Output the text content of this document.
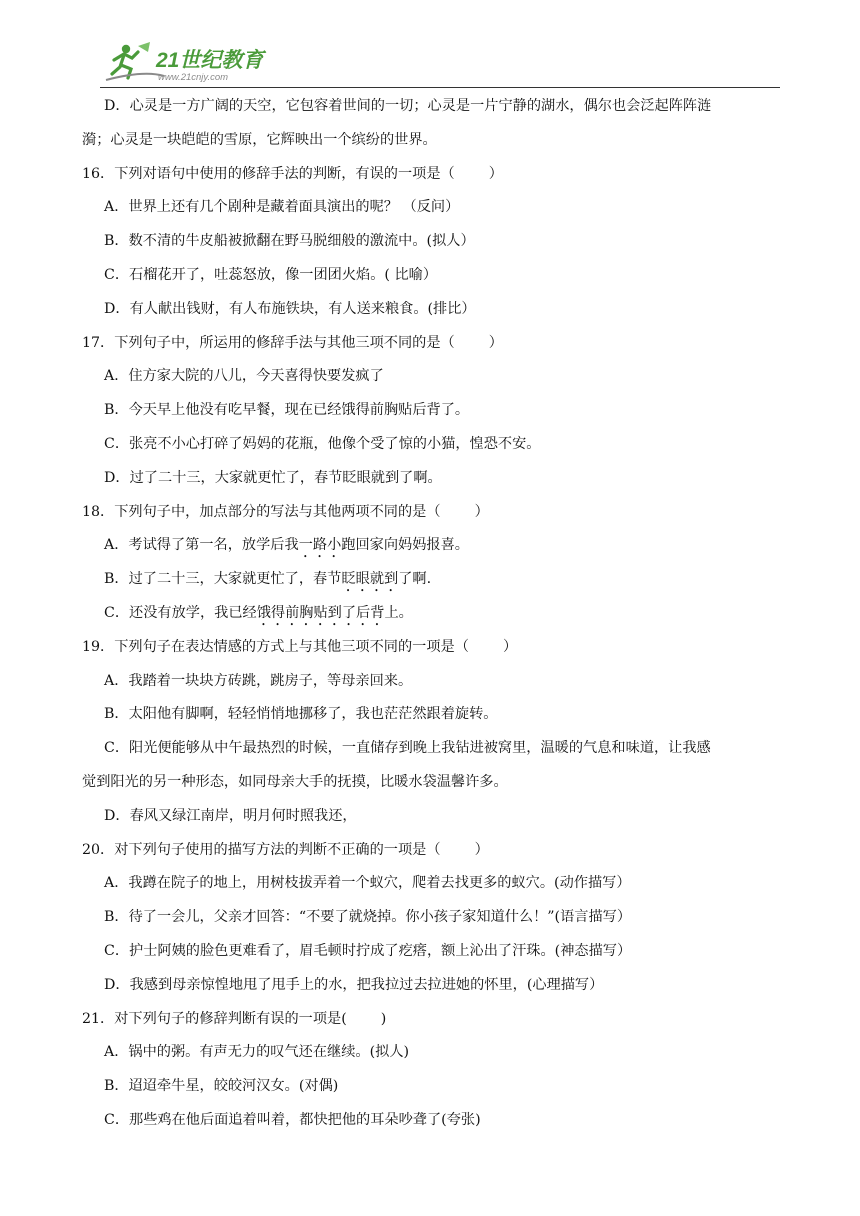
21世纪教育
www.21cnjy.com
D．心灵是一方广阔的天空，它包容着世间的一切；心灵是一片宁静的湖水，偶尔也会泛起阵阵涟
漪；心灵是一块皑皑的雪原，它辉映出一个缤纷的世界。
16．下列对语句中使用的修辞手法的判断，有误的一项是（ ）
A．世界上还有几个剧种是藏着面具演出的呢？ （反问）
B．数不清的牛皮船被掀翻在野马脱细般的激流中。(拟人）
C．石榴花开了，吐蕊怒放，像一团团火焰。( 比喻）
D．有人献出钱财，有人布施铁块，有人送来粮食。(排比）
17．下列句子中，所运用的修辞手法与其他三项不同的是（ ）
A．住方家大院的八儿，今天喜得快要发疯了
B．今天早上他没有吃早餐，现在已经饿得前胸贴后背了。
C．张亮不小心打碎了妈妈的花瓶，他像个受了惊的小猫，惶恐不安。
D．过了二十三，大家就更忙了，春节眨眼就到了啊。
18．下列句子中，加点部分的写法与其他两项不同的是（ ）
A．考试得了第一名，放学后我一路小跑回家向妈妈报喜。
B．过了二十三，大家就更忙了，春节眨眼就到了啊.
C．还没有放学，我已经饿得前胸贴到了后背上。
19．下列句子在表达情感的方式上与其他三项不同的一项是（ ）
A．我踏着一块块方砖跳，跳房子，等母亲回来。
B．太阳他有脚啊，轻轻悄悄地挪移了，我也茫茫然跟着旋转。
C．阳光便能够从中午最热烈的时候，一直储存到晚上我钻进被窝里，温暖的气息和味道，让我感
觉到阳光的另一种形态，如同母亲大手的抚摸，比暖水袋温馨许多。
D．春风又绿江南岸，明月何时照我还，
20．对下列句子使用的描写方法的判断不正确的一项是（ ）
A．我蹲在院子的地上，用树枝拔弄着一个蚁穴，爬着去找更多的蚁穴。(动作描写）
B．待了一会儿，父亲才回答：“不要了就烧掉。你小孩子家知道什么！”(语言描写）
C．护士阿姨的脸色更难看了，眉毛顿时拧成了疙瘩，额上沁出了汗珠。(神态描写）
D．我感到母亲惊惶地甩了甩手上的水，把我拉过去拉进她的怀里，(心理描写）
21．对下列句子的修辞判断有误的一项是( )
A．锅中的粥。有声无力的叹气还在继续。(拟人)
B．迢迢牵牛星，皎皎河汉女。(对偶)
C．那些鸡在他后面追着叫着，都快把他的耳朵吵聋了(夸张)
